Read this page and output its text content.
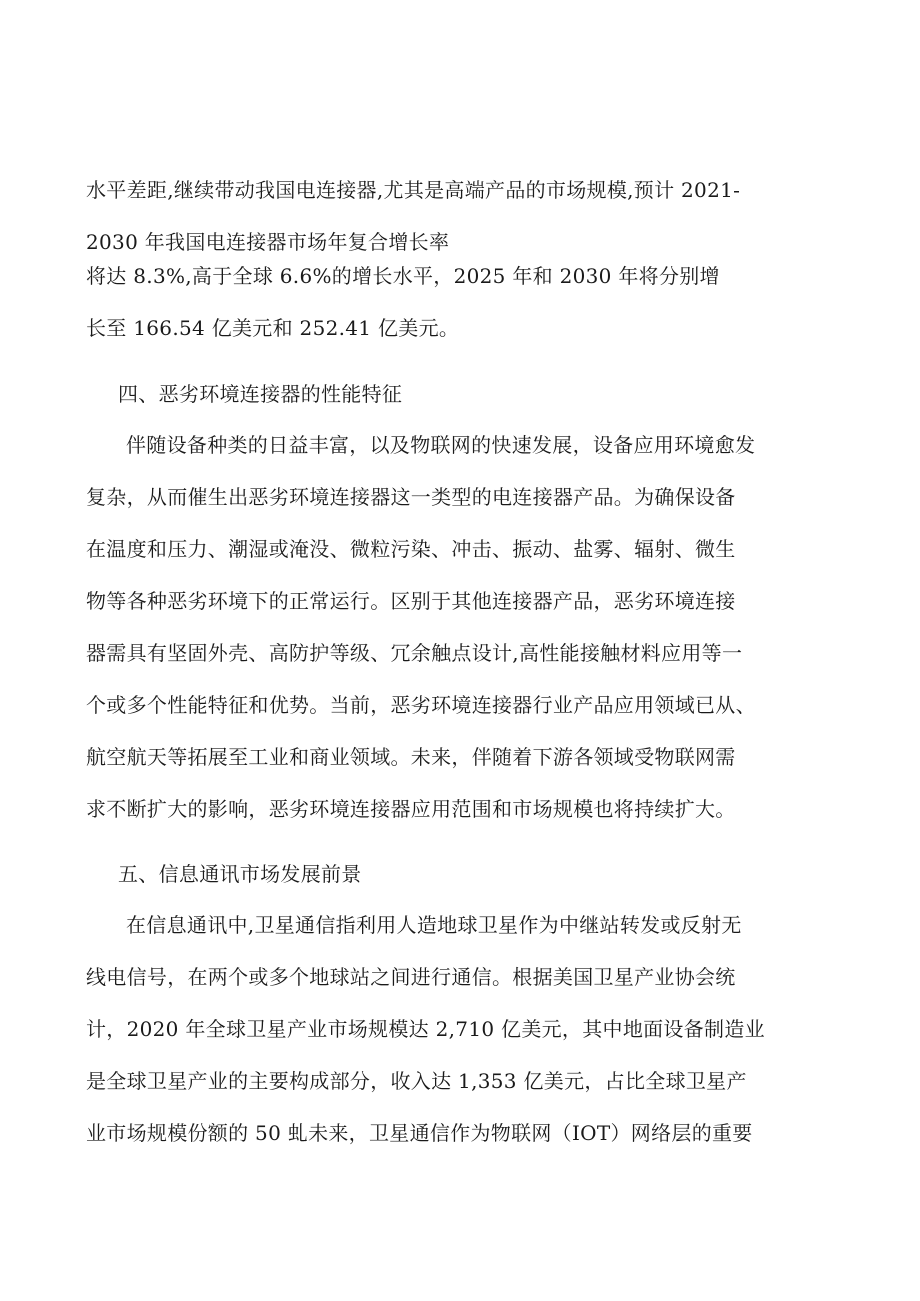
水平差距,继续带动我国电连接器,尤其是高端产品的市场规模,预计 2021-
2030 年我国电连接器市场年复合增长率
将达 8.3%,高于全球 6.6%的增长水平，2025 年和 2030 年将分别增
长至 166.54 亿美元和 252.41 亿美元。
四、恶劣环境连接器的性能特征
伴随设备种类的日益丰富，以及物联网的快速发展，设备应用环境愈发
复杂，从而催生出恶劣环境连接器这一类型的电连接器产品。为确保设备
在温度和压力、潮湿或淹没、微粒污染、冲击、振动、盐雾、辐射、微生
物等各种恶劣环境下的正常运行。区别于其他连接器产品，恶劣环境连接
器需具有坚固外壳、高防护等级、冗余触点设计,高性能接触材料应用等一
个或多个性能特征和优势。当前，恶劣环境连接器行业产品应用领域已从、
航空航天等拓展至工业和商业领域。未来，伴随着下游各领域受物联网需
求不断扩大的影响，恶劣环境连接器应用范围和市场规模也将持续扩大。
五、信息通讯市场发展前景
在信息通讯中,卫星通信指利用人造地球卫星作为中继站转发或反射无
线电信号，在两个或多个地球站之间进行通信。根据美国卫星产业协会统
计，2020 年全球卫星产业市场规模达 2,710 亿美元，其中地面设备制造业
是全球卫星产业的主要构成部分，收入达 1,353 亿美元，占比全球卫星产
业市场规模份额的 50 虬未来，卫星通信作为物联网（IOT）网络层的重要
